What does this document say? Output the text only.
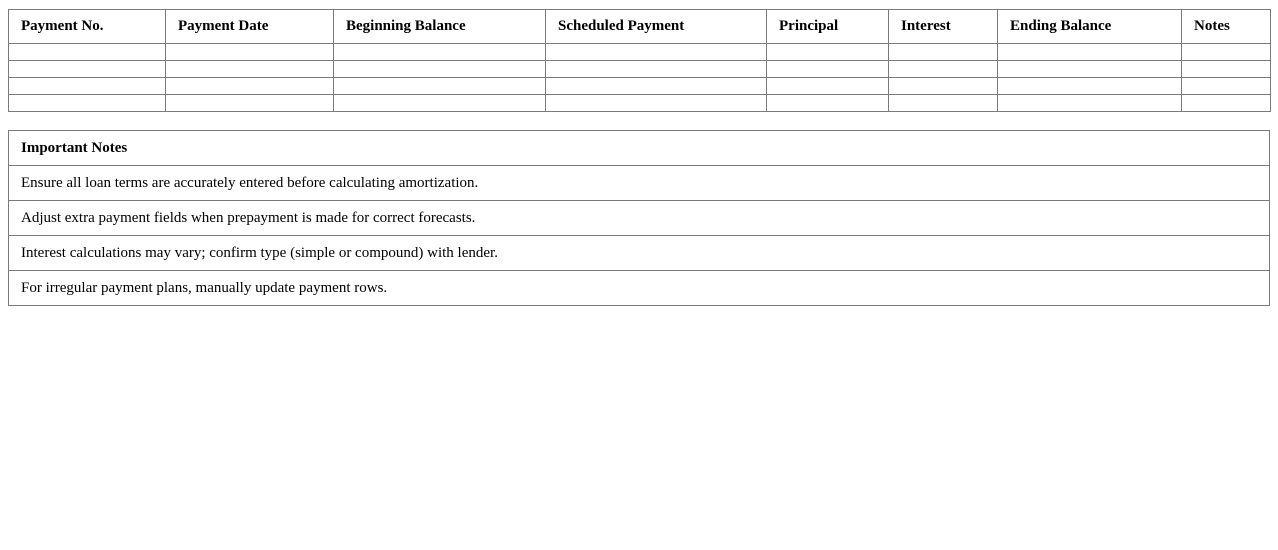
Payment No.	Payment Date	Beginning Balance	Scheduled Payment	Principal	Interest	Ending Balance	Notes

Important Notes
Ensure all loan terms are accurately entered before calculating amortization.
Adjust extra payment fields when prepayment is made for correct forecasts.
Interest calculations may vary; confirm type (simple or compound) with lender.
For irregular payment plans, manually update payment rows.
